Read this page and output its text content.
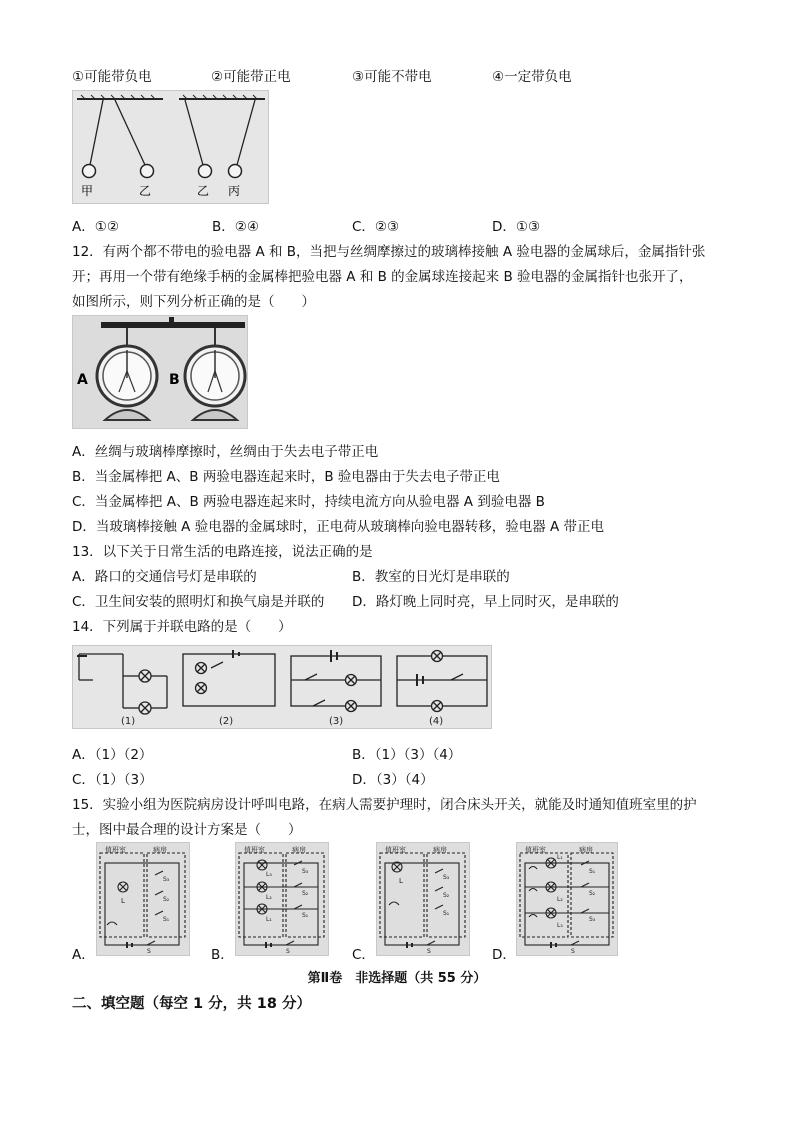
①可能带负电	②可能带正电	③可能不带电	④一定带负电
甲	乙	乙 丙
A．①②	B．②④	C．②③	D．①③
12．有两个都不带电的验电器 A 和 B，当把与丝绸摩擦过的玻璃棒接触 A 验电器的金属球后，金属指针张
开；再用一个带有绝缘手柄的金属棒把验电器 A 和 B 的金属球连接起来 B 验电器的金属指针也张开了，
如图所示，则下列分析正确的是（　　）
A	B
A．丝绸与玻璃棒摩擦时，丝绸由于失去电子带正电
B．当金属棒把 A、B 两验电器连起来时，B 验电器由于失去电子带正电
C．当金属棒把 A、B 两验电器连起来时，持续电流方向从验电器 A 到验电器 B
D．当玻璃棒接触 A 验电器的金属球时，正电荷从玻璃棒向验电器转移，验电器 A 带正电
13．以下关于日常生活的电路连接，说法正确的是
A．路口的交通信号灯是串联的	B．教室的日光灯是串联的
C．卫生间安装的照明灯和换气扇是并联的 D．路灯晚上同时亮，早上同时灭，是串联的
14．下列属于并联电路的是（　　）
(1)	(2)	(3)	(4)
A．（1）（2）	B．（1）（3）（4）
C．（1）（3）	D．（3）（4）
15．实验小组为医院病房设计呼叫电路，在病人需要护理时，闭合床头开关，就能及时通知值班室里的护
士，图中最合理的设计方案是（　　）
A．
值班室	病房
L
S₃
S₂
S₁
S	B．
值班室	病房
L₃
L₂
L₁
S₃
S₂
S₁
S	C．
值班室	病房
L	S₃
S₂
S₁
S	D．
值班室	病房
L₁
L₂
L₃
S₁
S₂
S₃
S
第Ⅱ卷　非选择题（共 55 分）
二、填空题（每空 1 分，共 18 分）
